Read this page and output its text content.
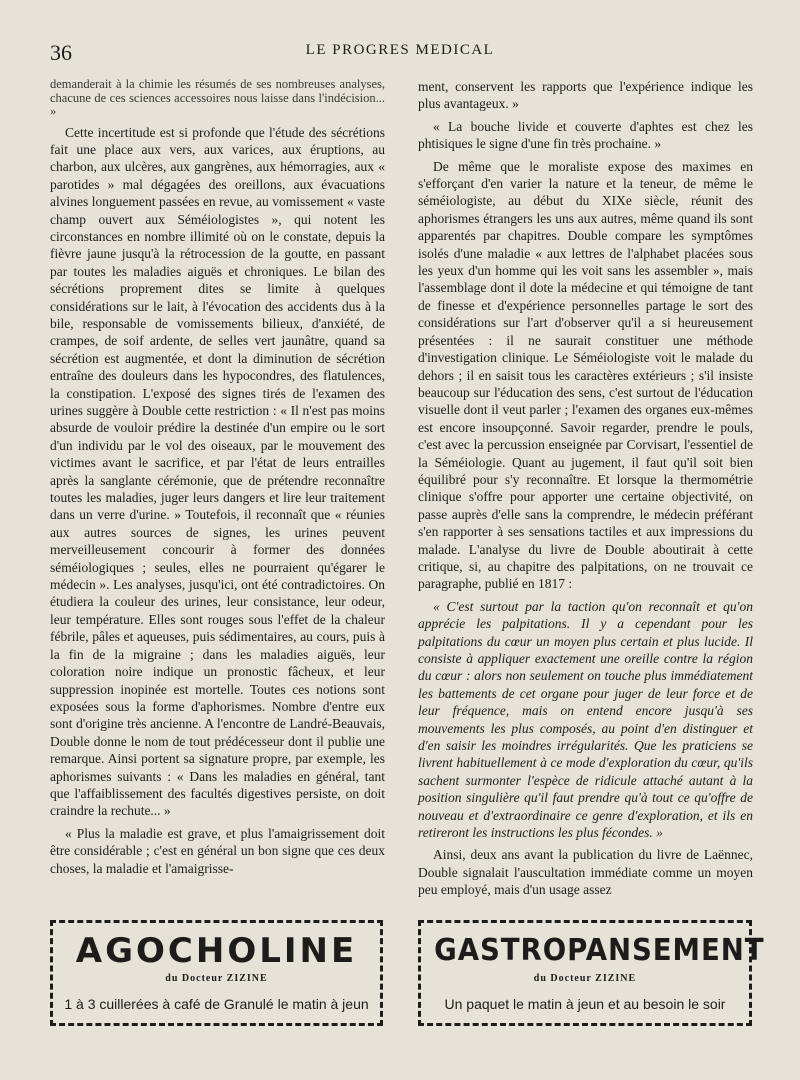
36	LE PROGRES MEDICAL

demanderait à la chimie les résumés de ses nombreuses analyses, chacune de ces sciences accessoires nous laisse dans l'indécision... »

Cette incertitude est si profonde que l'étude des sécrétions fait une place aux vers, aux varices, aux éruptions, au charbon, aux ulcères, aux gangrènes, aux hémorragies, aux « parotides » mal dégagées des oreillons, aux évacuations alvines longuement passées en revue, au vomissement « vaste champ ouvert aux Séméiologistes », qui notent les circonstances en nombre illimité où on le constate, depuis la fièvre jaune jusqu'à la rétrocession de la goutte, en passant par toutes les maladies aiguës et chroniques. Le bilan des sécrétions proprement dites se limite à quelques considérations sur le lait, à l'évocation des accidents dus à la bile, responsable de vomissements bilieux, d'anxiété, de crampes, de soif ardente, de selles vert jaunâtre, quand sa sécrétion est augmentée, et dont la diminution de sécrétion entraîne des douleurs dans les hypocondres, des flatulences, la constipation. L'exposé des signes tirés de l'examen des urines suggère à Double cette restriction : « Il n'est pas moins absurde de vouloir prédire la destinée d'un empire ou le sort d'un individu par le vol des oiseaux, par le mouvement des victimes avant le sacrifice, et par l'état de leurs entrailles après la sanglante cérémonie, que de prétendre reconnaître toutes les maladies, juger leurs dangers et lire leur traitement dans un verre d'urine. » Toutefois, il reconnaît que « réunies aux autres sources de signes, les urines peuvent merveilleusement concourir à former des données séméiologiques ; seules, elles ne pourraient qu'égarer le médecin ». Les analyses, jusqu'ici, ont été contradictoires. On étudiera la couleur des urines, leur consistance, leur odeur, leur température. Elles sont rouges sous l'effet de la chaleur fébrile, pâles et aqueuses, puis sédimentaires, au cours, puis à la fin de la migraine ; dans les maladies aiguës, leur coloration noire indique un pronostic fâcheux, et leur suppression inopinée est mortelle. Toutes ces notions sont exposées sous la forme d'aphorismes. Nombre d'entre eux sont d'origine très ancienne. A l'encontre de Landré-Beauvais, Double donne le nom de tout prédécesseur dont il publie une remarque. Ainsi portent sa signature propre, par exemple, les aphorismes suivants : « Dans les maladies en général, tant que l'affaiblissement des facultés digestives persiste, on doit craindre la rechute... »

« Plus la maladie est grave, et plus l'amaigrissement doit être considérable ; c'est en général un bon signe que ces deux choses, la maladie et l'amaigrisse-

ment, conservent les rapports que l'expérience indique les plus avantageux. »

« La bouche livide et couverte d'aphtes est chez les phtisiques le signe d'une fin très prochaine. »

De même que le moraliste expose des maximes en s'efforçant d'en varier la nature et la teneur, de même le séméiologiste, au début du XIXe siècle, réunit des aphorismes étrangers les uns aux autres, même quand ils sont apparentés par chapitres. Double compare les symptômes isolés d'une maladie « aux lettres de l'alphabet placées sous les yeux d'un homme qui les voit sans les assembler », mais l'assemblage dont il dote la médecine et qui témoigne de tant de finesse et d'expérience personnelles partage le sort des considérations sur l'art d'observer qu'il a si heureusement présentées : il ne saurait constituer une méthode d'investigation clinique. Le Séméiologiste voit le malade du dehors ; il en saisit tous les caractères extérieurs ; s'il insiste beaucoup sur l'éducation des sens, c'est surtout de l'éducation visuelle dont il veut parler ; l'examen des organes eux-mêmes est encore insoupçonné. Savoir regarder, prendre le pouls, c'est avec la percussion enseignée par Corvisart, l'essentiel de la Séméiologie. Quant au jugement, il faut qu'il soit bien équilibré pour s'y reconnaître. Et lorsque la thermométrie clinique s'offre pour apporter une certaine objectivité, on passe auprès d'elle sans la comprendre, le médecin préférant s'en rapporter à ses sensations tactiles et aux impressions du malade. L'analyse du livre de Double aboutirait à cette critique, si, au chapitre des palpitations, on ne trouvait ce paragraphe, publié en 1817 :

« C'est surtout par la taction qu'on reconnaît et qu'on apprécie les palpitations. Il y a cependant pour les palpitations du cœur un moyen plus certain et plus lucide. Il consiste à appliquer exactement une oreille contre la région du cœur : alors non seulement on touche plus immédiatement les battements de cet organe pour juger de leur force et de leur fréquence, mais on entend encore jusqu'à ses mouvements les plus composés, au point d'en distinguer et d'en saisir les moindres irrégularités. Que les praticiens se livrent habituellement à ce mode d'exploration du cœur, qu'ils sachent surmonter l'espèce de ridicule attaché autant à la position singulière qu'il faut prendre qu'à tout ce qu'offre de nouveau et d'extraordinaire ce genre d'exploration, et ils en retireront les instructions les plus fécondes. »

Ainsi, deux ans avant la publication du livre de Laënnec, Double signalait l'auscultation immédiate comme un moyen peu employé, mais d'un usage assez

AGOCHOLINE
du Docteur ZIZINE
1 à 3 cuillerées à café de Granulé le matin à jeun
GASTROPANSEMENT
du Docteur ZIZINE
Un paquet le matin à jeun et au besoin le soir
